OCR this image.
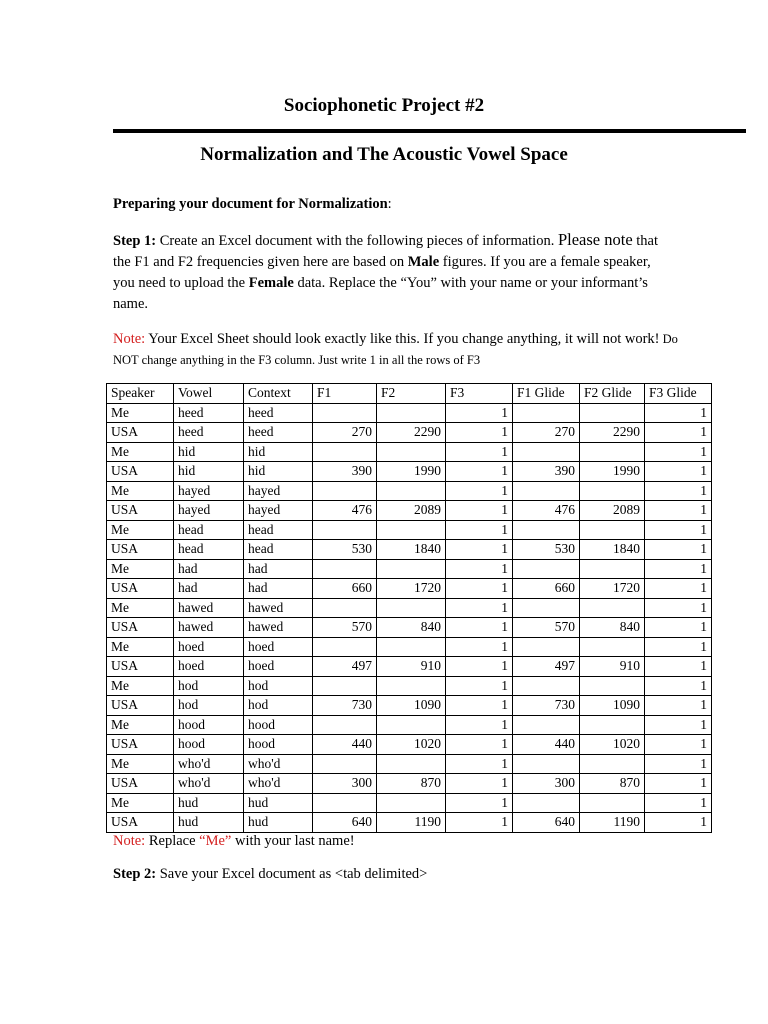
Sociophonetic Project #2
Normalization and The Acoustic Vowel Space
Preparing your document for Normalization:
Step 1: Create an Excel document with the following pieces of information. Please note that the F1 and F2 frequencies given here are based on Male figures. If you are a female speaker, you need to upload the Female data. Replace the “You” with your name or your informant’s name.
Note: Your Excel Sheet should look exactly like this. If you change anything, it will not work! Do NOT change anything in the F3 column. Just write 1 in all the rows of F3
Speaker	Vowel	Context	F1	F2	F3	F1 Glide	F2 Glide	F3 Glide
Me	heed	heed			1			1
USA	heed	heed	270	2290	1	270	2290	1
Me	hid	hid			1			1
USA	hid	hid	390	1990	1	390	1990	1
Me	hayed	hayed			1			1
USA	hayed	hayed	476	2089	1	476	2089	1
Me	head	head			1			1
USA	head	head	530	1840	1	530	1840	1
Me	had	had			1			1
USA	had	had	660	1720	1	660	1720	1
Me	hawed	hawed			1			1
USA	hawed	hawed	570	840	1	570	840	1
Me	hoed	hoed			1			1
USA	hoed	hoed	497	910	1	497	910	1
Me	hod	hod			1			1
USA	hod	hod	730	1090	1	730	1090	1
Me	hood	hood			1			1
USA	hood	hood	440	1020	1	440	1020	1
Me	who'd	who'd			1			1
USA	who'd	who'd	300	870	1	300	870	1
Me	hud	hud			1			1
USA	hud	hud	640	1190	1	640	1190	1
Note: Replace “Me” with your last name!
Step 2: Save your Excel document as <tab delimited>
